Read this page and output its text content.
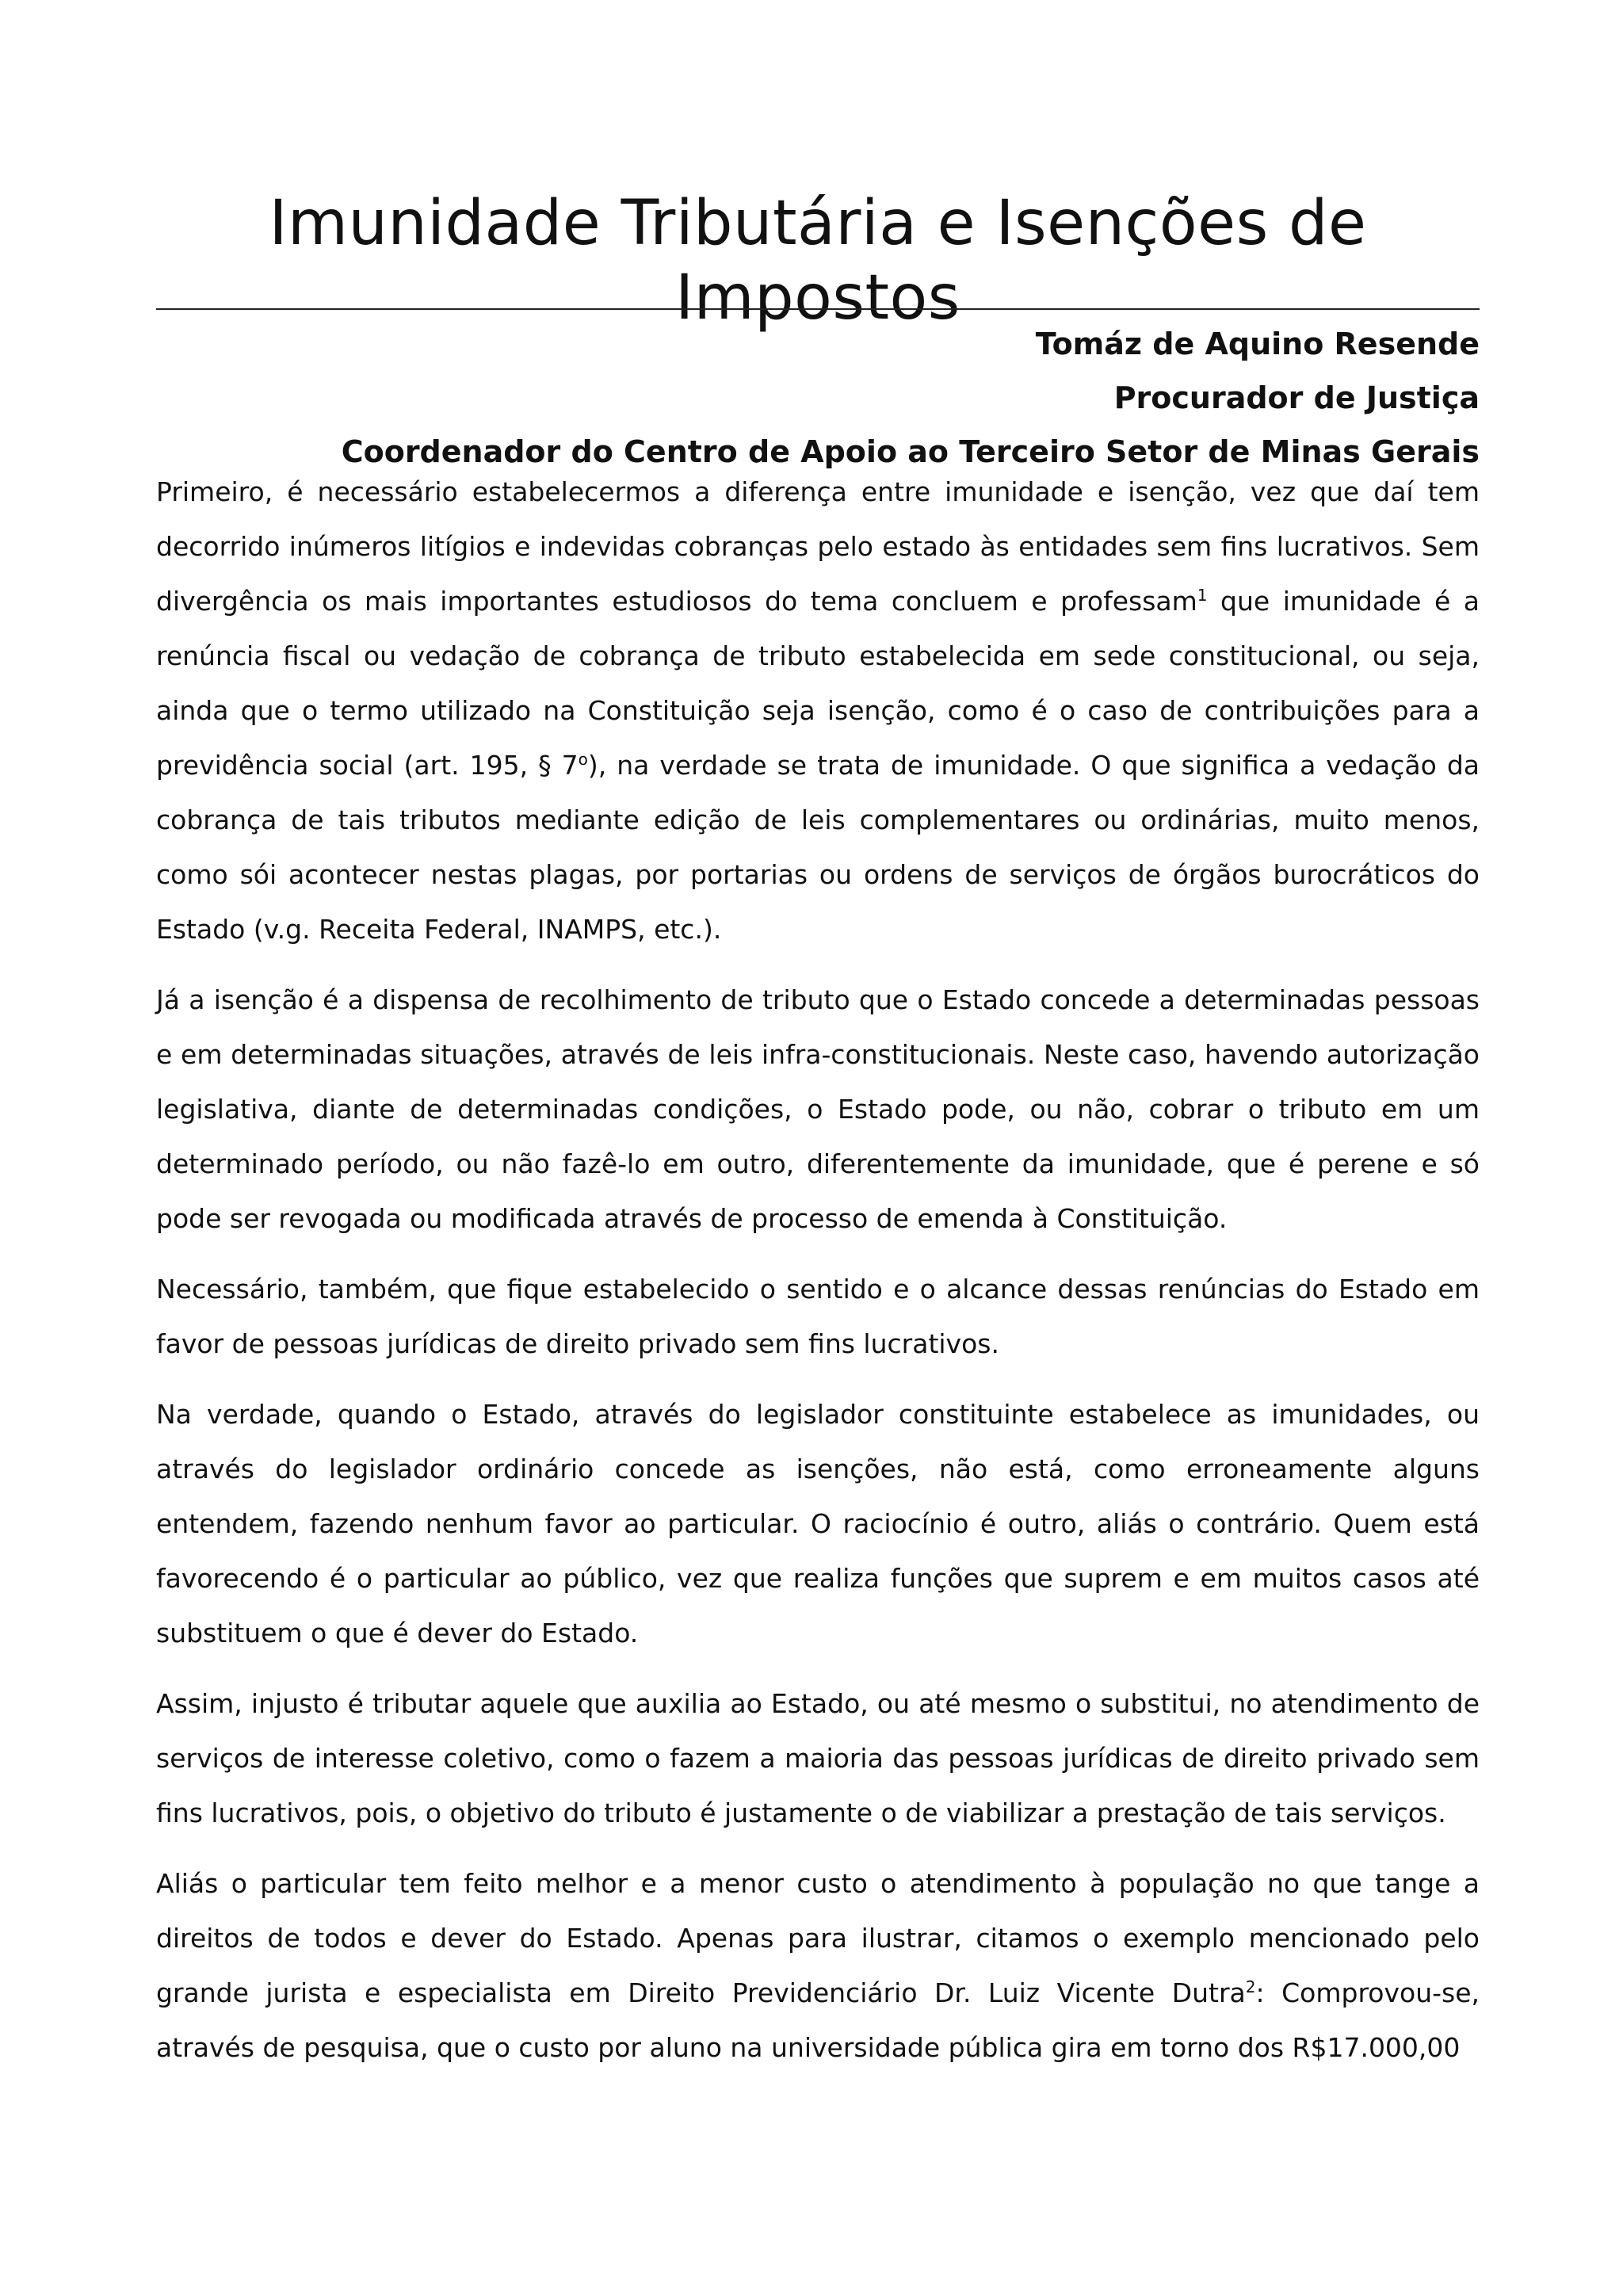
Imunidade Tributária e Isenções de Impostos
Tomáz de Aquino Resende
Procurador de Justiça
Coordenador do Centro de Apoio ao Terceiro Setor de Minas Gerais

Primeiro, é necessário estabelecermos a diferença entre imunidade e isenção, vez que daí tem decorrido inúmeros litígios e indevidas cobranças pelo estado às entidades sem fins lucrativos. Sem divergência os mais importantes estudiosos do tema concluem e professam$^1$ que imunidade é a renúncia fiscal ou vedação de cobrança de tributo estabelecida em sede constitucional, ou seja, ainda que o termo utilizado na Constituição seja isenção, como é o caso de contribuições para a previdência social (art. 195, § 7$^o$), na verdade se trata de imunidade. O que significa a vedação da cobrança de tais tributos mediante edição de leis complementares ou ordinárias, muito menos, como sói acontecer nestas plagas, por portarias ou ordens de serviços de órgãos burocráticos do Estado (v.g. Receita Federal, INAMPS, etc.).

Já a isenção é a dispensa de recolhimento de tributo que o Estado concede a determinadas pessoas e em determinadas situações, através de leis infra-constitucionais. Neste caso, havendo autorização legislativa, diante de determinadas condições, o Estado pode, ou não, cobrar o tributo em um determinado período, ou não fazê-lo em outro, diferentemente da imunidade, que é perene e só pode ser revogada ou modificada através de processo de emenda à Constituição.

Necessário, também, que fique estabelecido o sentido e o alcance dessas renúncias do Estado em favor de pessoas jurídicas de direito privado sem fins lucrativos.

Na verdade, quando o Estado, através do legislador constituinte estabelece as imunidades, ou através do legislador ordinário concede as isenções, não está, como erroneamente alguns entendem, fazendo nenhum favor ao particular. O raciocínio é outro, aliás o contrário. Quem está favorecendo é o particular ao público, vez que realiza funções que suprem e em muitos casos até substituem o que é dever do Estado.

Assim, injusto é tributar aquele que auxilia ao Estado, ou até mesmo o substitui, no atendimento de serviços de interesse coletivo, como o fazem a maioria das pessoas jurídicas de direito privado sem fins lucrativos, pois, o objetivo do tributo é justamente o de viabilizar a prestação de tais serviços.

Aliás o particular tem feito melhor e a menor custo o atendimento à população no que tange a direitos de todos e dever do Estado. Apenas para ilustrar, citamos o exemplo mencionado pelo grande jurista e especialista em Direito Previdenciário Dr. Luiz Vicente Dutra$^2$: Comprovou-se, através de pesquisa, que o custo por aluno na universidade pública gira em torno dos R$17.000,00
